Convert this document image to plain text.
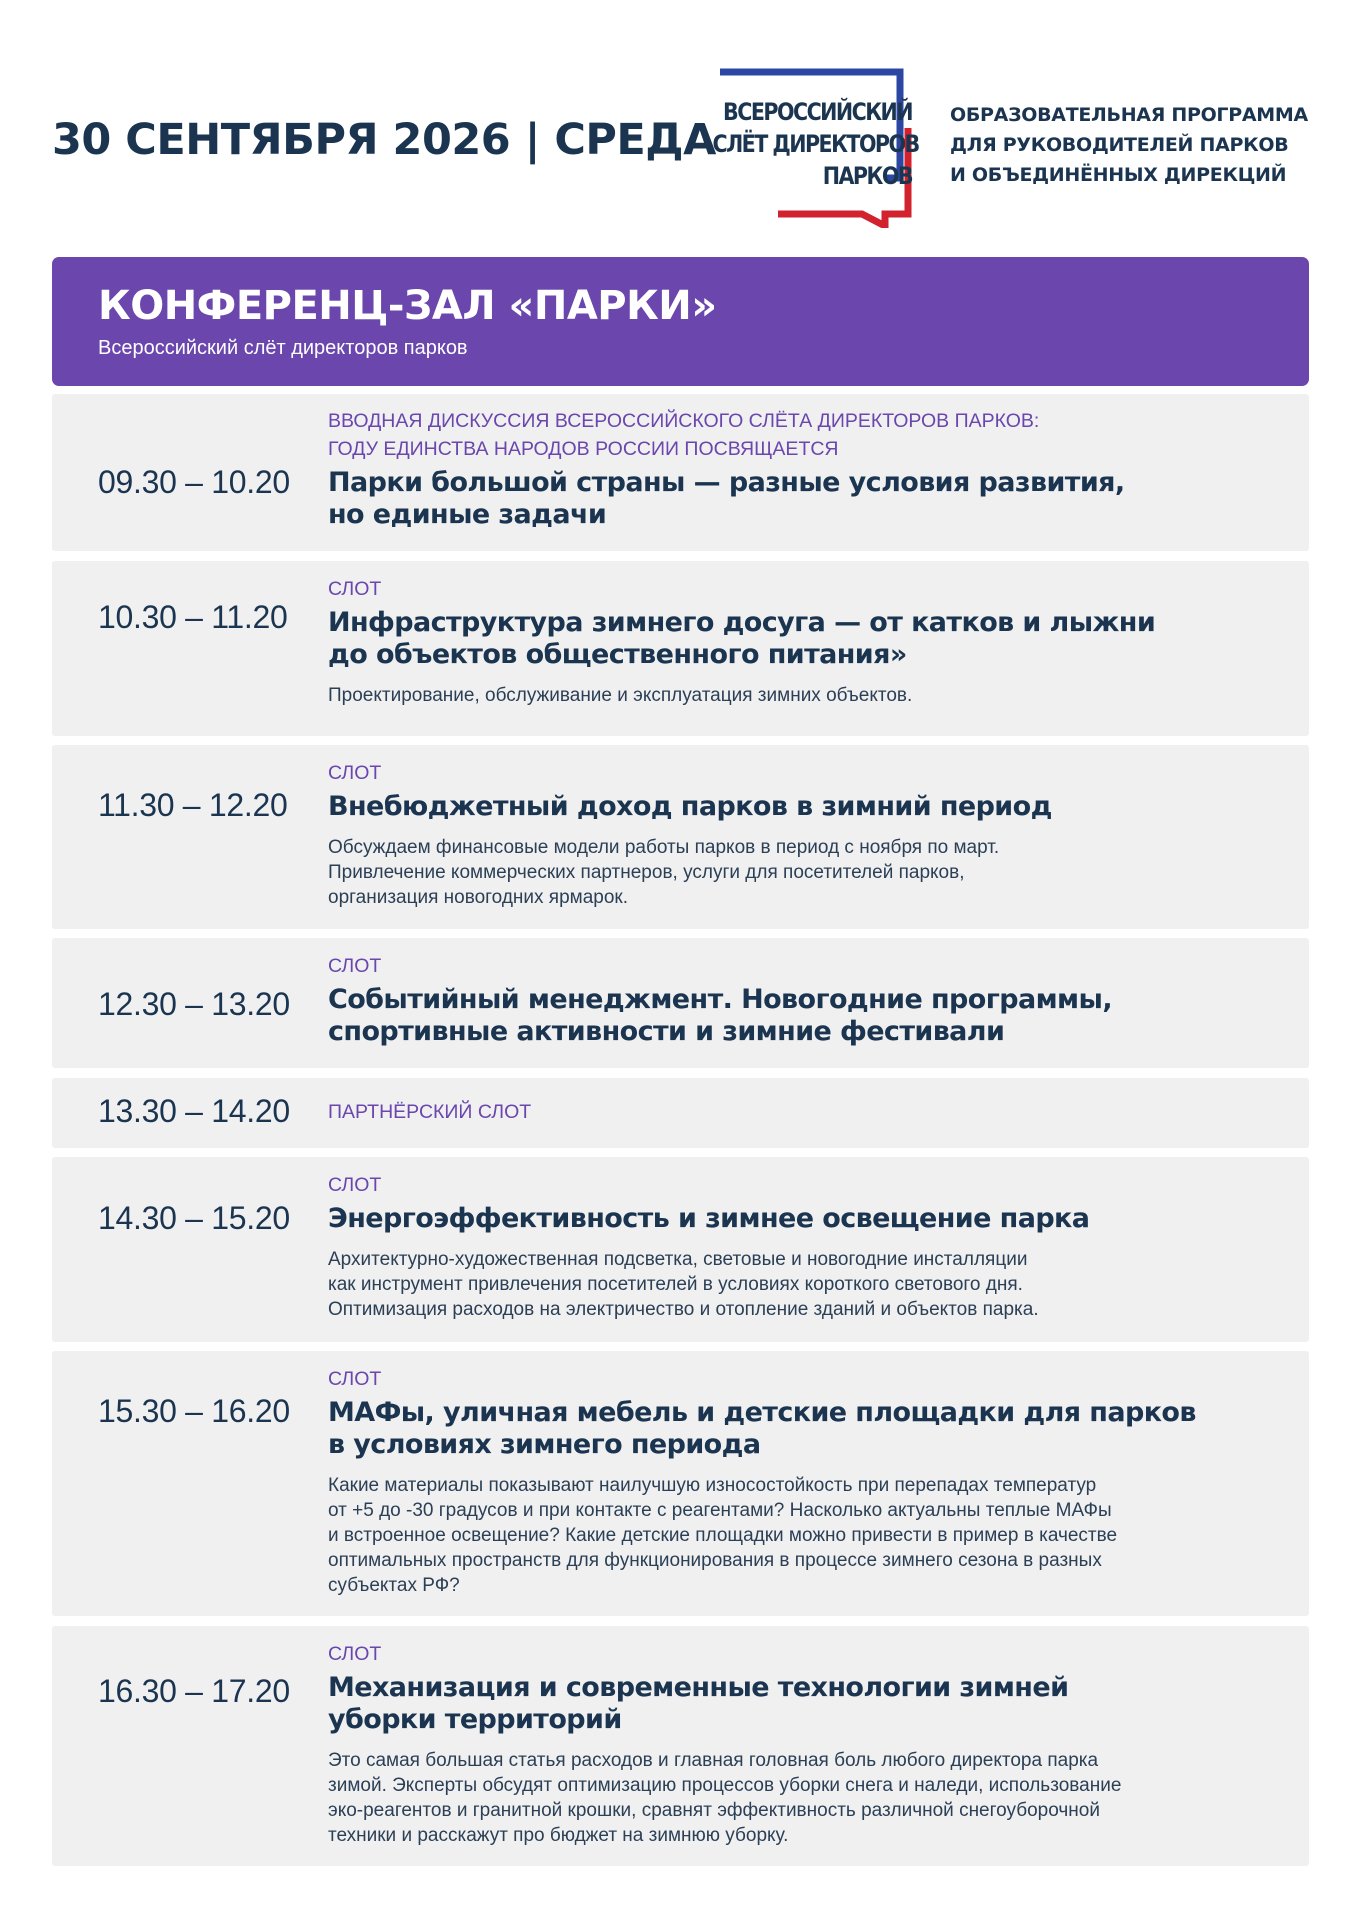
30 СЕНТЯБРЯ 2026 | СРЕДА
ВСЕРОССИЙСКИЙ
СЛЁТ ДИРЕКТОРОВ
ПАРКОВ
ОБРАЗОВАТЕЛЬНАЯ ПРОГРАММА
ДЛЯ РУКОВОДИТЕЛЕЙ ПАРКОВ
И ОБЪЕДИНЁННЫХ ДИРЕКЦИЙ
КОНФЕРЕНЦ-ЗАЛ «ПАРКИ»
Всероссийский слёт директоров парков
09.30 – 10.20
ВВОДНАЯ ДИСКУССИЯ ВСЕРОССИЙСКОГО СЛЁТА ДИРЕКТОРОВ ПАРКОВ:
ГОДУ ЕДИНСТВА НАРОДОВ РОССИИ ПОСВЯЩАЕТСЯ
Парки большой страны — разные условия развития,
но единые задачи
10.30 – 11.20
СЛОТ
Инфраструктура зимнего досуга — от катков и лыжни
до объектов общественного питания»
Проектирование, обслуживание и эксплуатация зимних объектов.
11.30 – 12.20
СЛОТ
Внебюджетный доход парков в зимний период
Обсуждаем финансовые модели работы парков в период с ноября по март.
Привлечение коммерческих партнеров, услуги для посетителей парков,
организация новогодних ярмарок.
12.30 – 13.20
СЛОТ
Событийный менеджмент. Новогодние программы,
спортивные активности и зимние фестивали
13.30 – 14.20 ПАРТНЁРСКИЙ СЛОТ
14.30 – 15.20
СЛОТ
Энергоэффективность и зимнее освещение парка
Архитектурно-художественная подсветка, световые и новогодние инсталляции
как инструмент привлечения посетителей в условиях короткого светового дня.
Оптимизация расходов на электричество и отопление зданий и объектов парка.
15.30 – 16.20
СЛОТ
МАФы, уличная мебель и детские площадки для парков
в условиях зимнего периода
Какие материалы показывают наилучшую износостойкость при перепадах температур
от +5 до -30 градусов и при контакте с реагентами? Насколько актуальны теплые МАФы
и встроенное освещение? Какие детские площадки можно привести в пример в качестве
оптимальных пространств для функционирования в процессе зимнего сезона в разных
субъектах РФ?
16.30 – 17.20
СЛОТ
Механизация и современные технологии зимней
уборки территорий
Это самая большая статья расходов и главная головная боль любого директора парка
зимой. Эксперты обсудят оптимизацию процессов уборки снега и наледи, использование
эко-реагентов и гранитной крошки, сравнят эффективность различной снегоуборочной
техники и расскажут про бюджет на зимнюю уборку.
